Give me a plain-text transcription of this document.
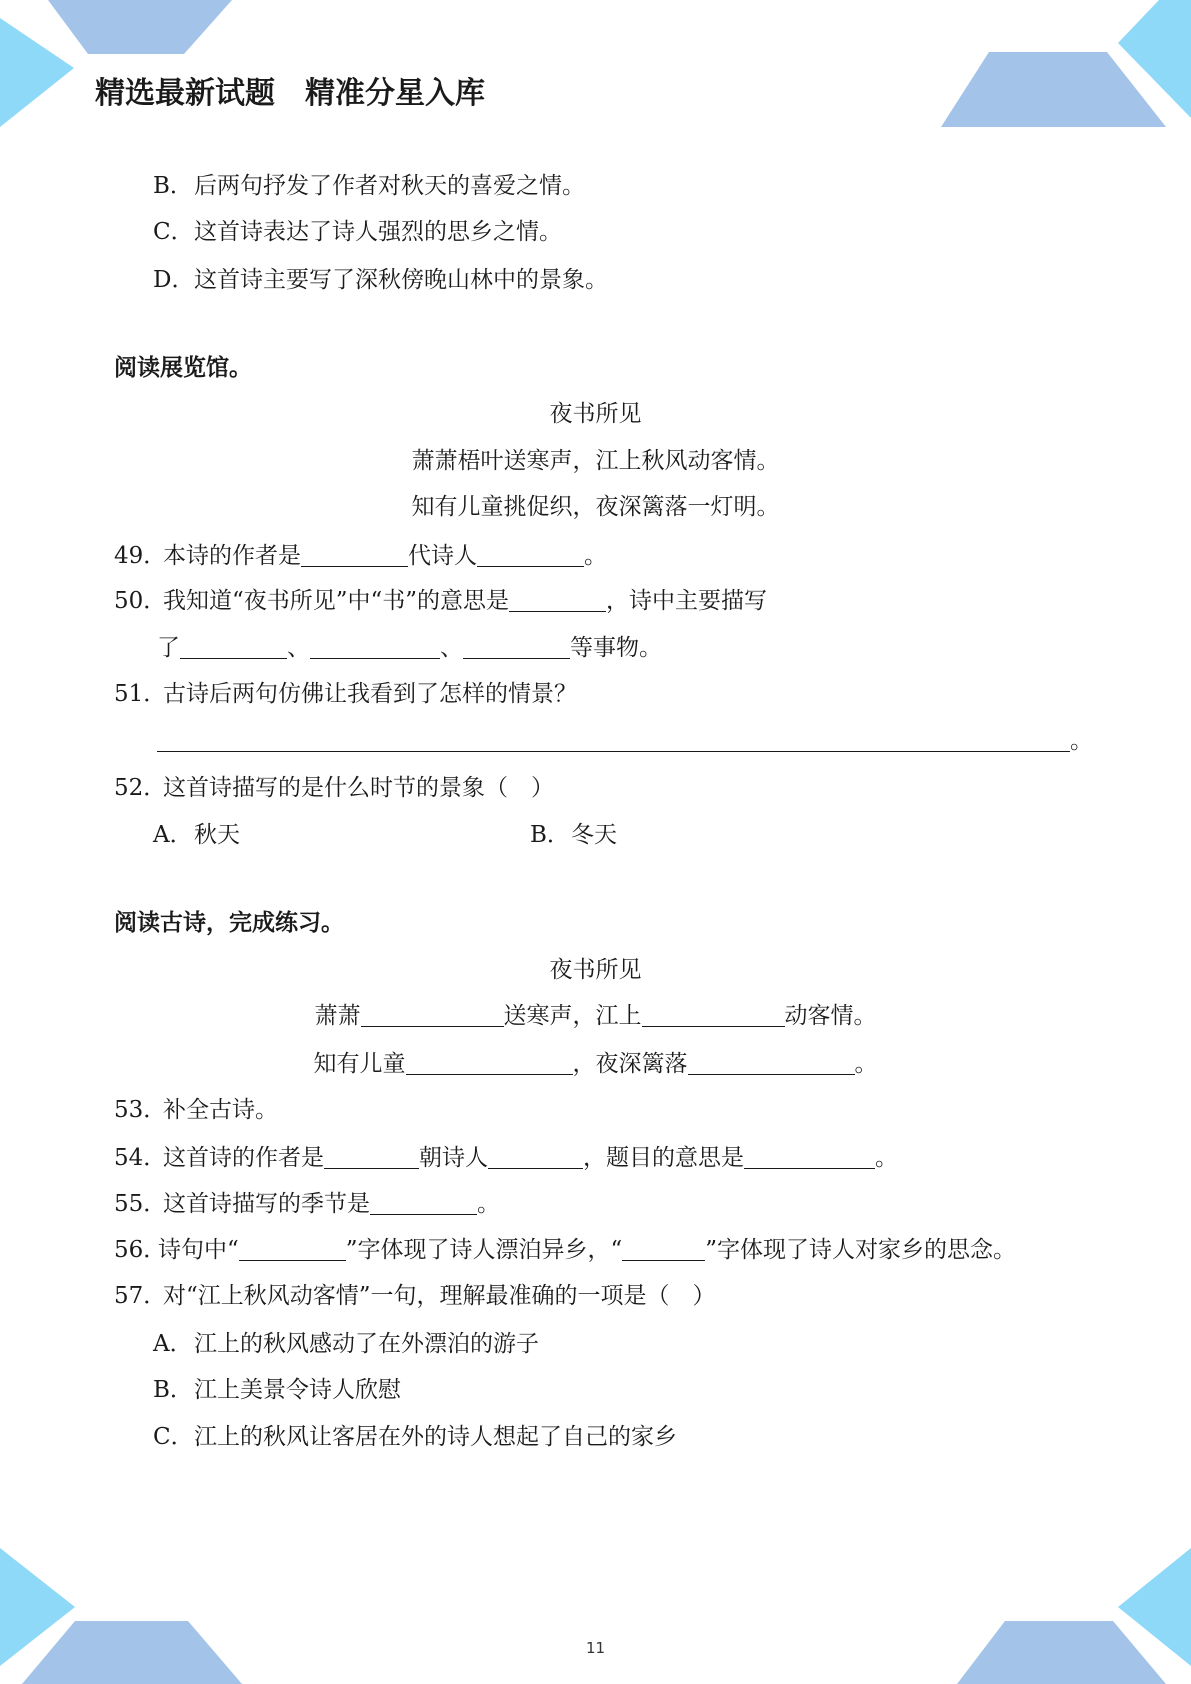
精选最新试题　精准分星入库
B．后两句抒发了作者对秋天的喜爱之情。
C．这首诗表达了诗人强烈的思乡之情。
D．这首诗主要写了深秋傍晚山林中的景象。
阅读展览馆。
夜书所见
萧萧梧叶送寒声，江上秋风动客情。
知有儿童挑促织，夜深篱落一灯明。
49．本诗的作者是	代诗人	。
50．我知道“夜书所见”中“书”的意思是	，诗中主要描写
了	、	、	等事物。
51．古诗后两句仿佛让我看到了怎样的情景？
。
52．这首诗描写的是什么时节的景象（　）
A．秋天	B．冬天
阅读古诗，完成练习。
夜书所见
萧萧	送寒声，江上	动客情。
知有儿童	，夜深篱落	。
53．补全古诗。
54．这首诗的作者是	朝诗人	，题目的意思是	。
55．这首诗描写的季节是	。
56．诗句中“	”字体现了诗人漂泊异乡，“	”字体现了诗人对家乡的思念。
57．对“江上秋风动客情”一句，理解最准确的一项是（　）
A．江上的秋风感动了在外漂泊的游子
B．江上美景令诗人欣慰
C．江上的秋风让客居在外的诗人想起了自己的家乡
11
